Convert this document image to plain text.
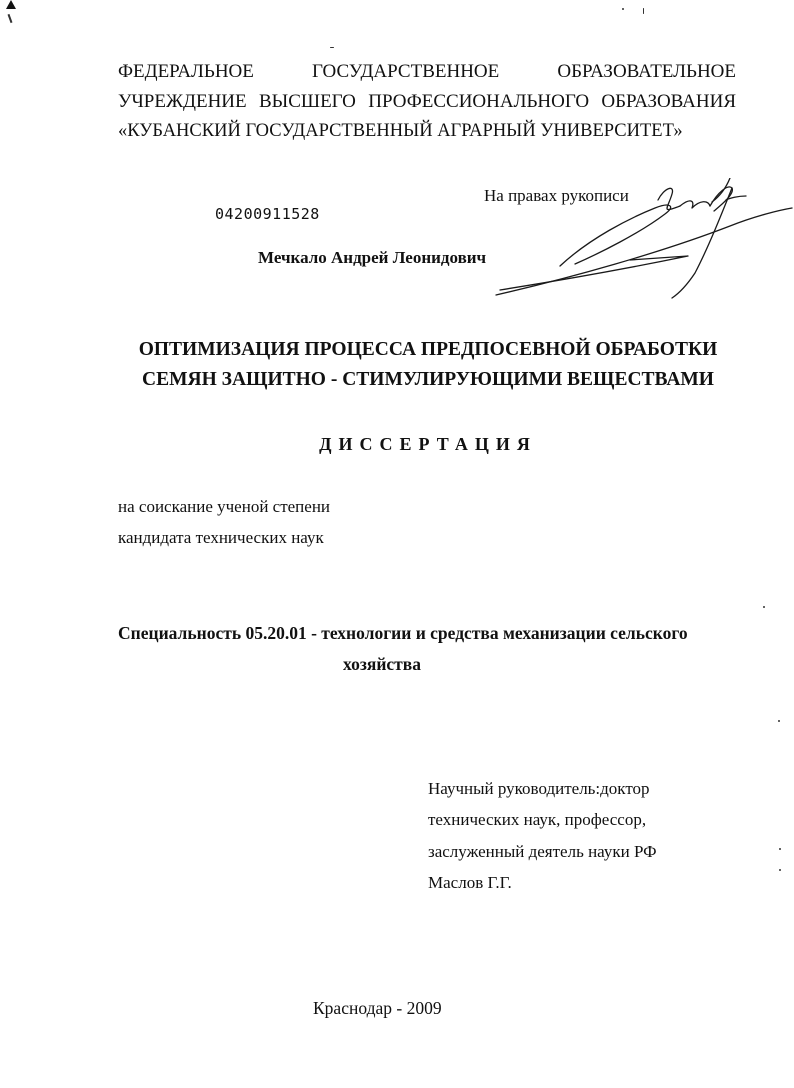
ФЕДЕРАЛЬНОЕ	ГОСУДАРСТВЕННОЕ	ОБРАЗОВАТЕЛЬНОЕ
УЧРЕЖДЕНИЕ ВЫСШЕГО ПРОФЕССИОНАЛЬНОГО ОБРАЗОВАНИЯ
«КУБАНСКИЙ ГОСУДАРСТВЕННЫЙ АГРАРНЫЙ УНИВЕРСИТЕТ»
На правах рукописи
04200911528
Мечкало Андрей Леонидович
ОПТИМИЗАЦИЯ ПРОЦЕССА ПРЕДПОСЕВНОЙ ОБРАБОТКИ
СЕМЯН ЗАЩИТНО - СТИМУЛИРУЮЩИМИ ВЕЩЕСТВАМИ
ДИССЕРТАЦИЯ
на соискание ученой степени
кандидата технических наук
Специальность 05.20.01 - технологии и средства механизации сельского
хозяйства
Научный руководитель:доктор
технических наук, профессор,
заслуженный деятель науки РФ
Маслов Г.Г.
Краснодар - 2009
